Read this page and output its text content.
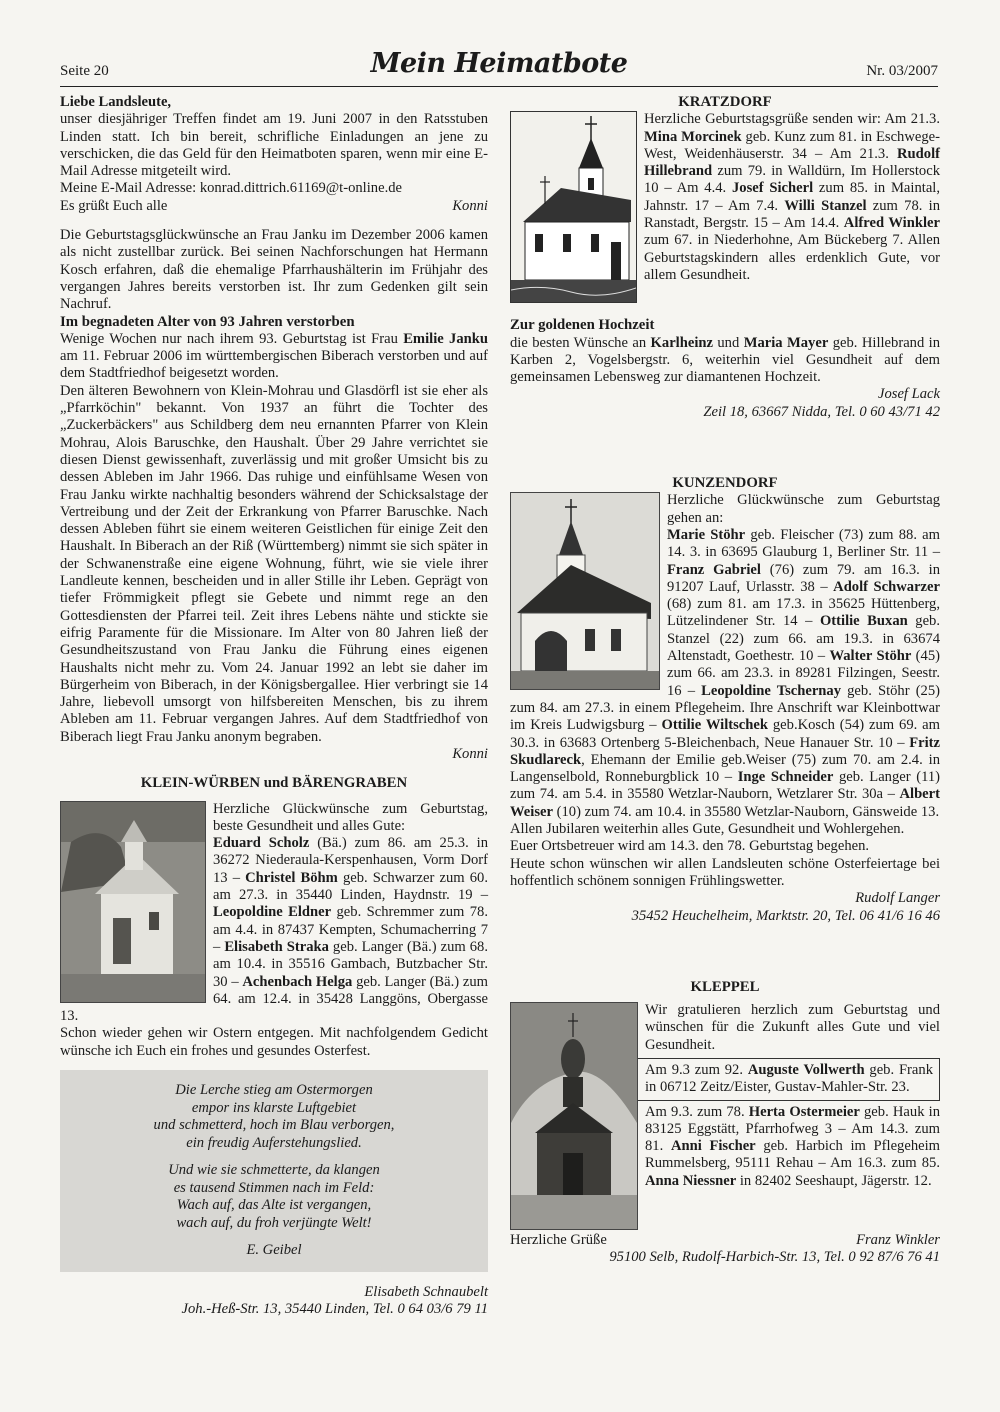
Seite 20	Mein Heimatbote	Nr. 03/2007

Liebe Landsleute,

unser diesjähriger Treffen findet am 19. Juni 2007 in den Ratsstuben Linden statt. Ich bin bereit, schrifliche Einladungen an jene zu verschicken, die das Geld für den Heimatboten sparen, wenn mir eine E-Mail Adresse mitgeteilt wird.

Meine E-Mail Adresse: konrad.dittrich.61169@t-online.de

Es grüßt Euch alle	Konni

Die Geburtstagsglückwünsche an Frau Janku im Dezember 2006 kamen als nicht zustellbar zurück. Bei seinen Nachforschungen hat Hermann Kosch erfahren, daß die ehemalige Pfarrhaushälterin im Frühjahr des vergangen Jahres bereits verstorben ist. Ihr zum Gedenken gilt sein Nachruf.

Im begnadeten Alter von 93 Jahren verstorben

Wenige Wochen nur nach ihrem 93. Geburtstag ist Frau Emilie Janku am 11. Februar 2006 im württembergischen Biberach verstorben und auf dem Stadtfriedhof beigesetzt worden.

Den älteren Bewohnern von Klein-Mohrau und Glasdörfl ist sie eher als „Pfarrköchin" bekannt. Von 1937 an führt die Tochter des „Zuckerbäckers" aus Schildberg dem neu ernannten Pfarrer von Klein Mohrau, Alois Baruschke, den Haushalt. Über 29 Jahre verrichtet sie diesen Dienst gewissenhaft, zuverlässig und mit großer Umsicht bis zu dessen Ableben im Jahr 1966. Das ruhige und einfühlsame Wesen von Frau Janku wirkte nachhaltig besonders während der Schicksalstage der Vertreibung und der Zeit der Erkrankung von Pfarrer Baruschke. Nach dessen Ableben führt sie einem weiteren Geistlichen für einige Zeit den Haushalt. In Biberach an der Riß (Württemberg) nimmt sie sich später in der Schwanenstraße eine eigene Wohnung, führt, wie sie viele ihrer Landleute kennen, bescheiden und in aller Stille ihr Leben. Geprägt von tiefer Frömmigkeit pflegt sie Gebete und nimmt rege an den Gottesdiensten der Pfarrei teil. Zeit ihres Lebens nähte und stickte sie eifrig Paramente für die Missionare. Im Alter von 80 Jahren ließ der Gesundheitszustand von Frau Janku die Führung eines eigenen Haushalts nicht mehr zu. Vom 24. Januar 1992 an lebt sie daher im Bürgerheim von Biberach, in der Königsbergallee. Hier verbringt sie 14 Jahre, liebevoll umsorgt von hilfsbereiten Menschen, bis zu ihrem Ableben am 11. Februar vergangen Jahres. Auf dem Stadtfriedhof von Biberach liegt Frau Janku anonym begraben.

Konni

KLEIN-WÜRBEN und BÄRENGRABEN

Herzliche Glückwünsche zum Geburtstag, beste Gesundheit und alles Gute:
Eduard Scholz (Bä.) zum 86. am 25.3. in 36272 Niederaula-Kerspenhausen, Vorm Dorf 13 – Christel Böhm geb. Schwarzer zum 60. am 27.3. in 35440 Linden, Haydnstr. 19 – Leopoldine Eldner geb. Schremmer zum 78. am 4.4. in 87437 Kempten, Schumacherring 7 – Elisabeth Straka geb. Langer (Bä.) zum 68. am 10.4. in 35516 Gambach, Butzbacher Str. 30 – Achenbach Helga geb. Langer (Bä.) zum 64. am 12.4. in 35428 Langgöns, Obergasse 13.

Schon wieder gehen wir Ostern entgegen. Mit nachfolgendem Gedicht wünsche ich Euch ein frohes und gesundes Osterfest.

Die Lerche stieg am Ostermorgen
empor ins klarste Luftgebiet
und schmetterd, hoch im Blau verborgen,
ein freudig Auferstehungslied.
Und wie sie schmetterte, da klangen
es tausend Stimmen nach im Feld:
Wach auf, das Alte ist vergangen,
wach auf, du froh verjüngte Welt!
E. Geibel

Elisabeth Schnaubelt

Joh.-Heß-Str. 13, 35440 Linden, Tel. 0 64 03/6 79 11

KRATZDORF

Herzliche Geburtstagsgrüße senden wir: Am 21.3. Mina Morcinek geb. Kunz zum 81. in Eschwege-West, Weidenhäuserstr. 34 – Am 21.3. Rudolf Hillebrand zum 79. in Walldürn, Im Hollerstock 10 – Am 4.4. Josef Sicherl zum 85. in Maintal, Jahnstr. 17 – Am 7.4. Willi Stanzel zum 78. in Ranstadt, Bergstr. 15 – Am 14.4. Alfred Winkler zum 67. in Niederhohne, Am Bückeberg 7. Allen Geburtstagskindern alles erdenklich Gute, vor allem Gesundheit.

Zur goldenen Hochzeit

die besten Wünsche an Karlheinz und Maria Mayer geb. Hillebrand in Karben 2, Vogelsbergstr. 6, weiterhin viel Gesundheit auf dem gemeinsamen Lebensweg zur diamantenen Hochzeit.

Josef Lack

Zeil 18, 63667 Nidda, Tel. 0 60 43/71 42

KUNZENDORF

Herzliche Glückwünsche zum Geburtstag gehen an:
Marie Stöhr geb. Fleischer (73) zum 88. am 14. 3. in 63695 Glauburg 1, Berliner Str. 11 – Franz Gabriel (76) zum 79. am 16.3. in 91207 Lauf, Urlasstr. 38 – Adolf Schwarzer (68) zum 81. am 17.3. in 35625 Hüttenberg, Lützelindener Str. 14 – Ottilie Buxan geb. Stanzel (22) zum 66. am 19.3. in 63674 Altenstadt, Goethestr. 10 – Walter Stöhr (45) zum 66. am 23.3. in 89281 Filzingen, Seestr. 16 – Leopoldine Tschernay geb. Stöhr (25) zum 84. am 27.3. in einem Pflegeheim. Ihre Anschrift war Kleinbottwar im Kreis Ludwigsburg – Ottilie Wiltschek geb.Kosch (54) zum 69. am 30.3. in 63683 Ortenberg 5-Bleichenbach, Neue Hanauer Str. 10 – Fritz Skudlareck, Ehemann der Emilie geb.Weiser (75) zum 70. am 2.4. in Langenselbold, Ronneburgblick 10 – Inge Schneider geb. Langer (11) zum 74. am 5.4. in 35580 Wetzlar-Nauborn, Wetzlarer Str. 30a – Albert Weiser (10) zum 74. am 10.4. in 35580 Wetzlar-Nauborn, Gänsweide 13.

Allen Jubilaren weiterhin alles Gute, Gesundheit und Wohlergehen.

Euer Ortsbetreuer wird am 14.3. den 78. Geburtstag begehen.

Heute schon wünschen wir allen Landsleuten schöne Osterfeiertage bei hoffentlich schönem sonnigen Frühlingswetter.

Rudolf Langer

35452 Heuchelheim, Marktstr. 20, Tel. 06 41/6 16 46

KLEPPEL

Wir gratulieren herzlich zum Geburtstag und wünschen für die Zukunft alles Gute und viel Gesundheit.

Am 9.3 zum 92. Auguste Vollwerth geb. Frank in 06712 Zeitz/Eister, Gustav-Mahler-Str. 23.

Am 9.3. zum 78. Herta Ostermeier geb. Hauk in 83125 Eggstätt, Pfarrhofweg 3 – Am 14.3. zum 81. Anni Fischer geb. Harbich im Pflegeheim Rummelsberg, 95111 Rehau – Am 16.3. zum 85. Anna Niessner in 82402 Seeshaupt, Jägerstr. 12.

Herzliche Grüße	Franz Winkler

95100 Selb, Rudolf-Harbich-Str. 13, Tel. 0 92 87/6 76 41
